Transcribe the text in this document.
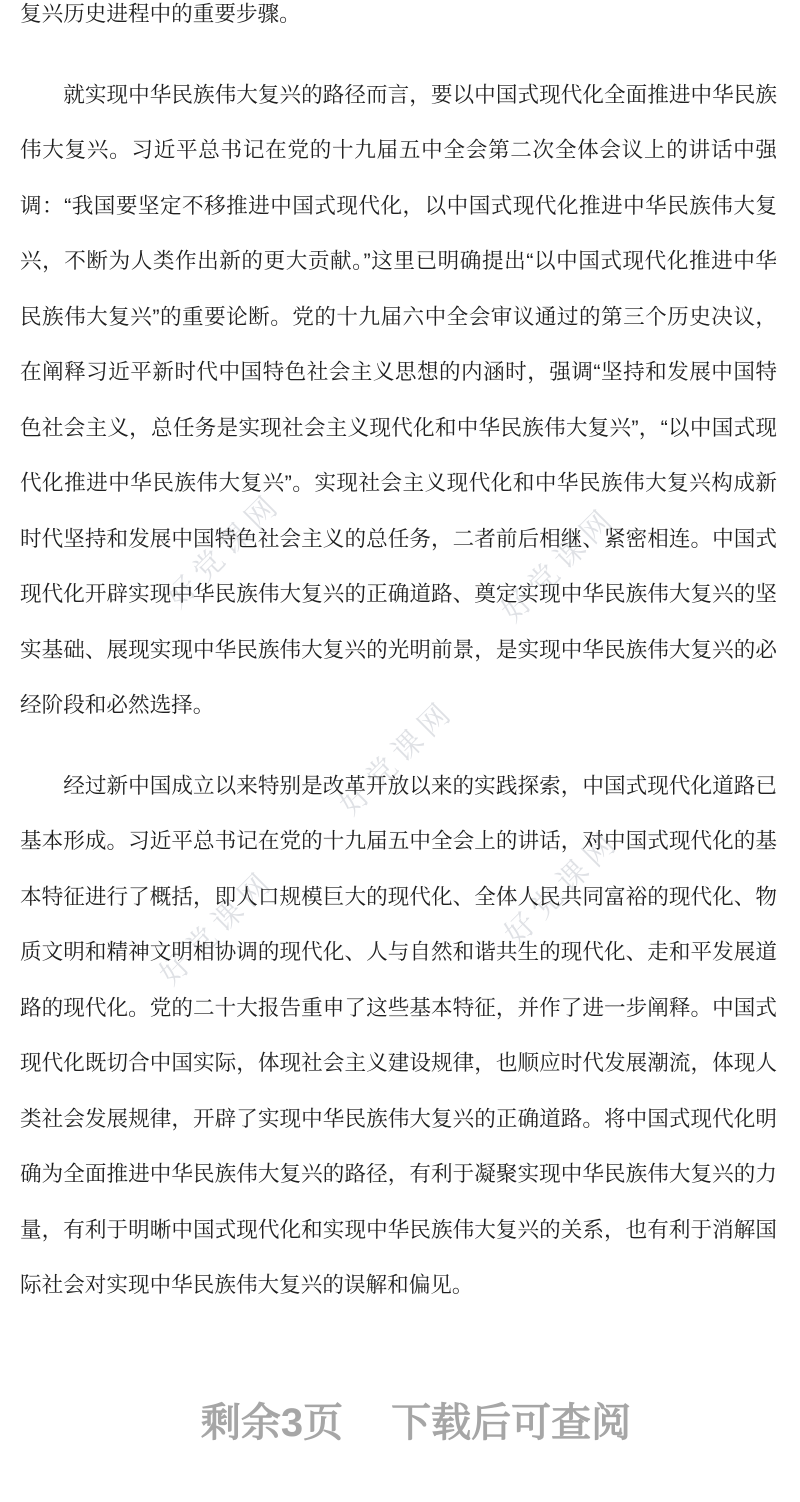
好党课网	好党课网
好党课网
好党课网	好党课网

复兴历史进程中的重要步骤。

就实现中华民族伟大复兴的路径而言，要以中国式现代化全面推进中华民族伟大复兴。习近平总书记在党的十九届五中全会第二次全体会议上的讲话中强调：“我国要坚定不移推进中国式现代化，以中国式现代化推进中华民族伟大复兴，不断为人类作出新的更大贡献。”这里已明确提出“以中国式现代化推进中华民族伟大复兴”的重要论断。党的十九届六中全会审议通过的第三个历史决议，在阐释习近平新时代中国特色社会主义思想的内涵时，强调“坚持和发展中国特色社会主义，总任务是实现社会主义现代化和中华民族伟大复兴”，“以中国式现代化推进中华民族伟大复兴”。实现社会主义现代化和中华民族伟大复兴构成新时代坚持和发展中国特色社会主义的总任务，二者前后相继、紧密相连。中国式现代化开辟实现中华民族伟大复兴的正确道路、奠定实现中华民族伟大复兴的坚实基础、展现实现中华民族伟大复兴的光明前景，是实现中华民族伟大复兴的必经阶段和必然选择。

经过新中国成立以来特别是改革开放以来的实践探索，中国式现代化道路已基本形成。习近平总书记在党的十九届五中全会上的讲话，对中国式现代化的基本特征进行了概括，即人口规模巨大的现代化、全体人民共同富裕的现代化、物质文明和精神文明相协调的现代化、人与自然和谐共生的现代化、走和平发展道路的现代化。党的二十大报告重申了这些基本特征，并作了进一步阐释。中国式现代化既切合中国实际，体现社会主义建设规律，也顺应时代发展潮流，体现人类社会发展规律，开辟了实现中华民族伟大复兴的正确道路。将中国式现代化明确为全面推进中华民族伟大复兴的路径，有利于凝聚实现中华民族伟大复兴的力量，有利于明晰中国式现代化和实现中华民族伟大复兴的关系，也有利于消解国际社会对实现中华民族伟大复兴的误解和偏见。

剩余3页 下载后可查阅
